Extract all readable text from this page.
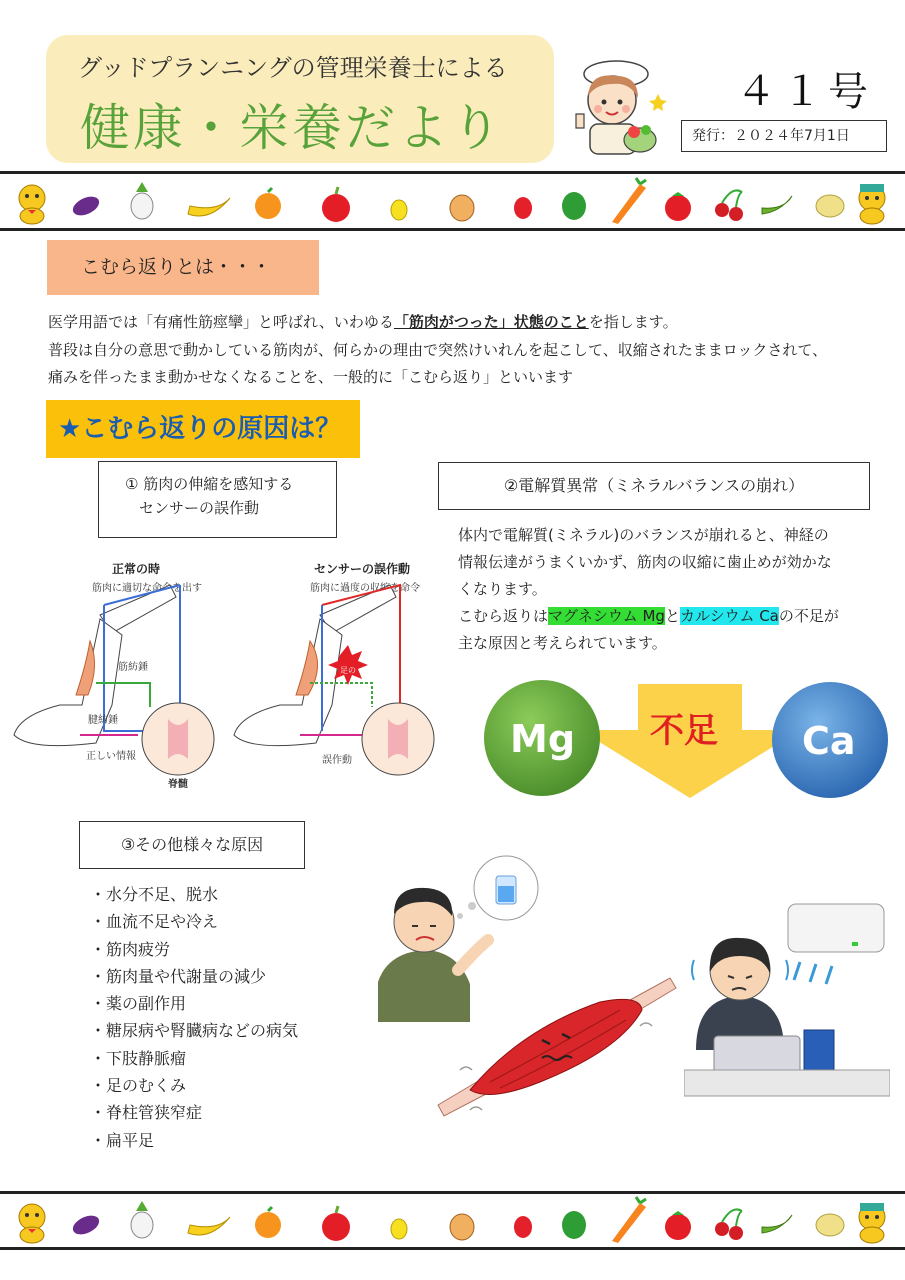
グッドプランニングの管理栄養士による
健康・栄養だより
４１号
発行：２０２４年7月1日
こむら返りとは・・・
医学用語では「有痛性筋痙攣」と呼ばれ、いわゆる「筋肉がつった」状態のことを指します。
普段は自分の意思で動かしている筋肉が、何らかの理由で突然けいれんを起こして、収縮されたままロックされて、
痛みを伴ったまま動かせなくなることを、一般的に「こむら返り」といいます
★こむら返りの原因は？
① 筋肉の伸縮を感知する
センサーの誤作動
正常の時
筋肉に適切な命令を出す
筋紡錘
腱紡錘
正しい情報
脊髄
センサーの誤作動
筋肉に過度の収縮を命令
足の つり
誤作動
②電解質異常（ミネラルバランスの崩れ）
体内で電解質(ミネラル)のバランスが崩れると、神経の
情報伝達がうまくいかず、筋肉の収縮に歯止めが効かな
くなります。
こむら返りはマグネシウム Mgとカルシウム Caの不足が
主な原因と考えられています。
不足
Mg	Ca
③その他様々な原因
・水分不足、脱水
・血流不足や冷え
・筋肉疲労
・筋肉量や代謝量の減少
・薬の副作用
・糖尿病や腎臓病などの病気
・下肢静脈瘤
・足のむくみ
・脊柱管狭窄症
・扁平足
